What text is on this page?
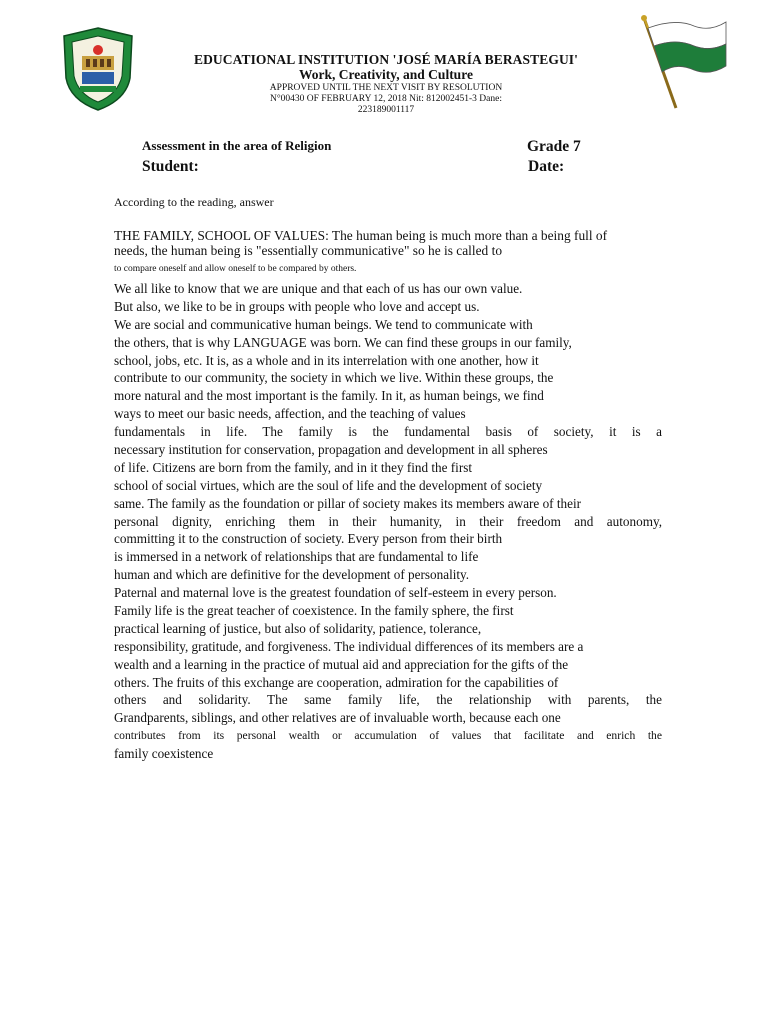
EDUCATIONAL INSTITUTION 'JOSÉ MARÍA BERASTEGUI'
Work, Creativity, and Culture
APPROVED UNTIL THE NEXT VISIT BY RESOLUTION
N°00430 OF FEBRUARY 12, 2018 Nit: 812002451-3 Dane:
223189001117
Assessment in the area of Religion	Grade 7
Student:	Date:
According to the reading, answer
THE FAMILY, SCHOOL OF VALUES: The human being is much more than a being full of
needs, the human being is "essentially communicative" so he is called to
to compare oneself and allow oneself to be compared by others.
We all like to know that we are unique and that each of us has our own value.
But also, we like to be in groups with people who love and accept us.
We are social and communicative human beings. We tend to communicate with
the others, that is why LANGUAGE was born. We can find these groups in our family,
school, jobs, etc. It is, as a whole and in its interrelation with one another, how it
contribute to our community, the society in which we live. Within these groups, the
more natural and the most important is the family. In it, as human beings, we find
ways to meet our basic needs, affection, and the teaching of values
fundamentals in life. The family is the fundamental basis of society, it is a
necessary institution for conservation, propagation and development in all spheres
of life. Citizens are born from the family, and in it they find the first
school of social virtues, which are the soul of life and the development of society
same. The family as the foundation or pillar of society makes its members aware of their
personal dignity, enriching them in their humanity, in their freedom and autonomy,
committing it to the construction of society. Every person from their birth
is immersed in a network of relationships that are fundamental to life
human and which are definitive for the development of personality.
Paternal and maternal love is the greatest foundation of self-esteem in every person.
Family life is the great teacher of coexistence. In the family sphere, the first
practical learning of justice, but also of solidarity, patience, tolerance,
responsibility, gratitude, and forgiveness. The individual differences of its members are a
wealth and a learning in the practice of mutual aid and appreciation for the gifts of the
others. The fruits of this exchange are cooperation, admiration for the capabilities of
others and solidarity. The same family life, the relationship with parents, the
Grandparents, siblings, and other relatives are of invaluable worth, because each one
contributes from its personal wealth or accumulation of values that facilitate and enrich the
family coexistence
